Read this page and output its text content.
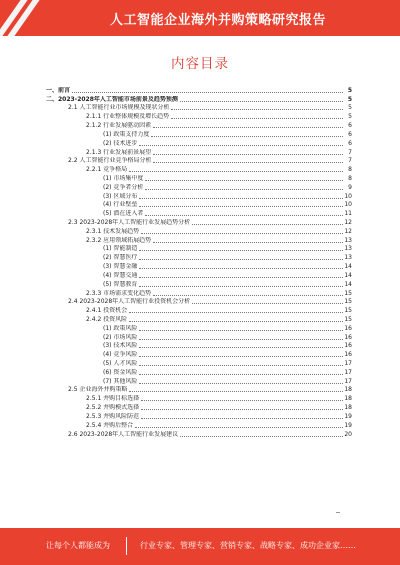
人工智能企业海外并购策略研究报告
内容目录
一、前言	5
二、2023-2028年人工智能市场前景及趋势预测	5
2.1 人工智能行业市场规模及现状分析	5
2.1.1 行业整体规模及增长趋势	5
2.1.2 行业发展驱动因素	6
(1) 政策支持力度	6
(2) 技术进步	6
2.1.3 行业发展前景展望	7
2.2 人工智能行业竞争格局分析	7
2.2.1 竞争格局	8
(1) 市场集中度	8
(2) 竞争者分析	9
(3) 区域分布	10
(4) 行业壁垒	10
(5) 潜在进入者	11
2.3 2023-2028年人工智能行业发展趋势分析	12
2.3.1 技术发展趋势	12
2.3.2 应用领域拓展趋势	13
(1) 智能制造	13
(2) 智慧医疗	13
(3) 智慧金融	14
(4) 智慧交通	14
(5) 智慧教育	14
2.3.3 市场需求变化趋势	15
2.4 2023-2028年人工智能行业投资机会分析	15
2.4.1 投资机会	15
2.4.2 投资风险	15
(1) 政策风险	16
(2) 市场风险	16
(3) 技术风险	16
(4) 竞争风险	16
(5) 人才风险	17
(6) 资金风险	17
(7) 其他风险	17
2.5 企业海外并购策略	18
2.5.1 并购目标选择	18
2.5.2 并购模式选择	18
2.5.3 并购风险防范	19
2.5.4 并购后整合	19
2.6 2023-2028年人工智能行业发展建议	20
让每个人都能成为	行业专家、管理专家、营销专家、战略专家、成功企业家……
